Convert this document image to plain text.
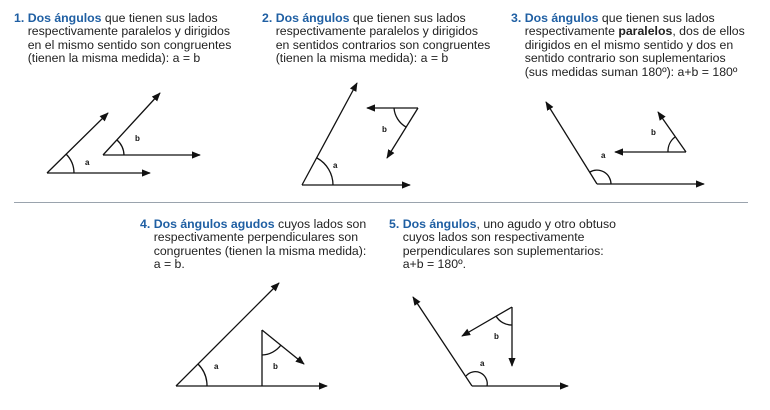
1.
Dos ángulos que tienen sus lados
respectivamente paralelos y dirigidos
en el mismo sentido son congruentes
(tienen la misma medida): a = b
2.
Dos ángulos que tienen sus lados
respectivamente paralelos y dirigidos
en sentidos contrarios son congruentes
(tienen la misma medida): a = b
3.
Dos ángulos que tienen sus lados
respectivamente paralelos, dos de ellos
dirigidos en el mismo sentido y dos en
sentido contrario son suplementarios
(sus medidas suman 180º): a+b = 180º
4.
Dos ángulos agudos cuyos lados son
respectivamente perpendiculares son
congruentes (tienen la misma medida):
a = b.
5.
Dos ángulos, uno agudo y otro obtuso
cuyos lados son respectivamente
perpendiculares son suplementarios:
a+b = 180º.
a
b
a
b
a
b
a	b	a
b
